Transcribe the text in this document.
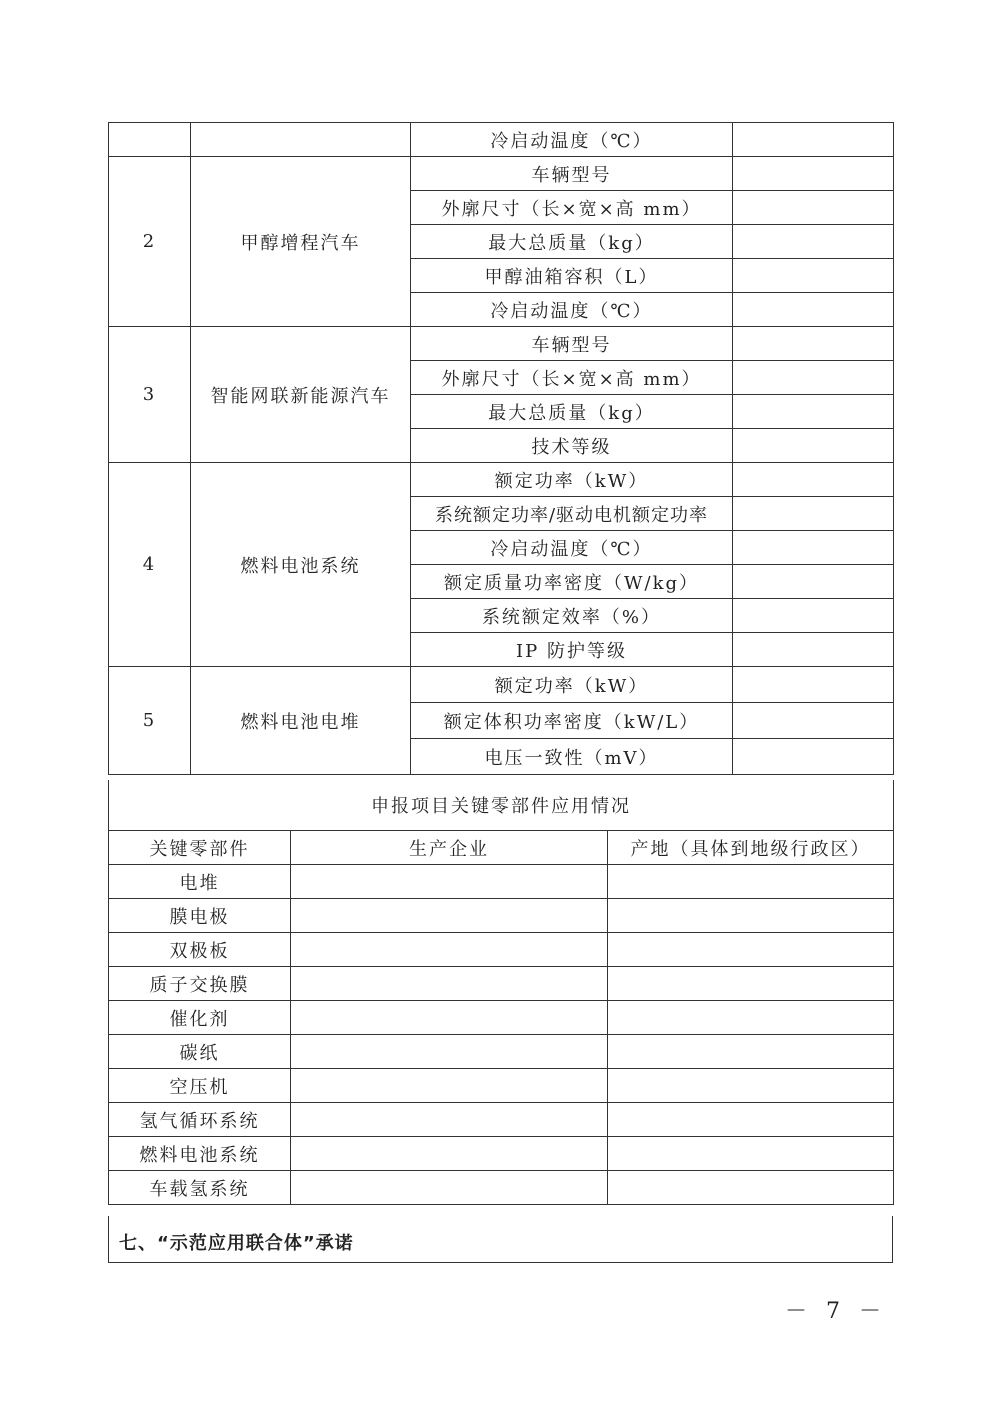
		冷启动温度（℃）	
2	甲醇增程汽车	车辆型号	
		外廓尺寸（长×宽×高 mm）	
		最大总质量（kg）	
		甲醇油箱容积（L）	
		冷启动温度（℃）	
3	智能网联新能源汽车	车辆型号	
		外廓尺寸（长×宽×高 mm）	
		最大总质量（kg）	
		技术等级	
4	燃料电池系统	额定功率（kW）	
		系统额定功率/驱动电机额定功率	
		冷启动温度（℃）	
		额定质量功率密度（W/kg）	
		系统额定效率（%）	
		IP 防护等级	
5	燃料电池电堆	额定功率（kW）	
		额定体积功率密度（kW/L）	
		电压一致性（mV）	
申报项目关键零部件应用情况		
关键零部件	生产企业	产地（具体到地级行政区）
电堆		
膜电极		
双极板		
质子交换膜		
催化剂		
碳纸		
空压机		
氢气循环系统		
燃料电池系统		
车载氢系统		
七、“示范应用联合体”承诺
－ 7 －
